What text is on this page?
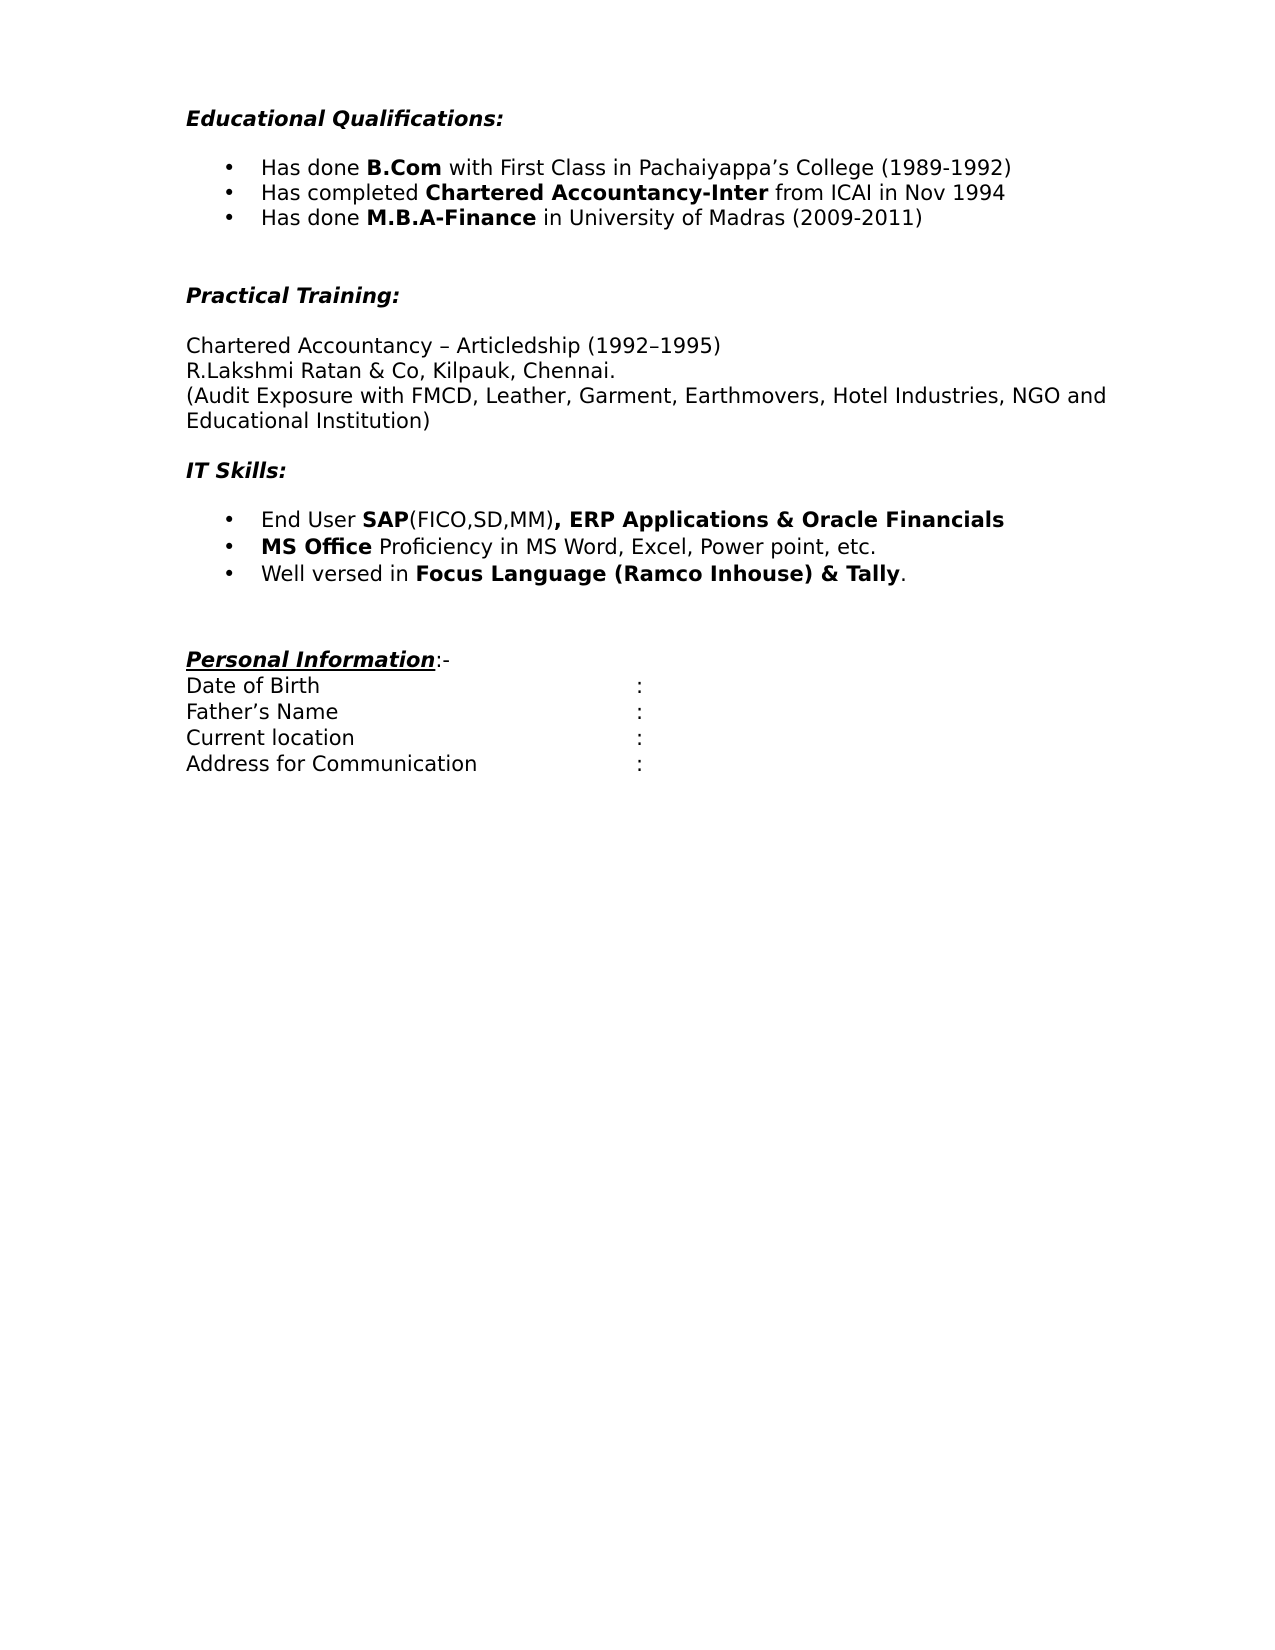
Educational Qualifications:
• Has done B.Com with First Class in Pachaiyappa’s College (1989-1992)
• Has completed Chartered Accountancy-Inter from ICAI in Nov 1994
• Has done M.B.A-Finance in University of Madras (2009-2011)
Practical Training:

Chartered Accountancy – Articledship (1992–1995)

R.Lakshmi Ratan & Co, Kilpauk, Chennai.

(Audit Exposure with FMCD, Leather, Garment, Earthmovers, Hotel Industries, NGO and

Educational Institution)

IT Skills:
• End User SAP(FICO,SD,MM), ERP Applications & Oracle Financials
• MS Office Proficiency in MS Word, Excel, Power point, etc.
• Well versed in Focus Language (Ramco Inhouse) & Tally.
Personal Information:-
Date of Birth	:
Father’s Name	:
Current location	:
Address for Communication	:
